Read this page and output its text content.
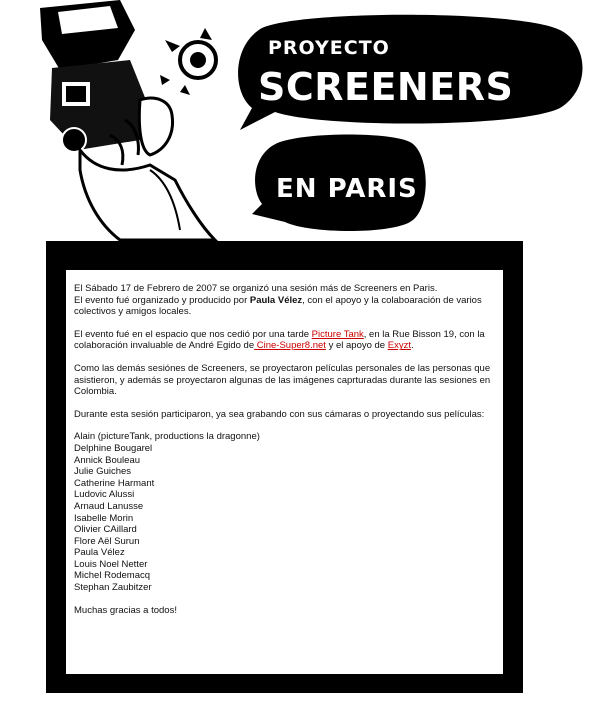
PROYECTO
SCREENERS
EN PARIS

El Sábado 17 de Febrero de 2007 se organizó una sesión más de Screeners en Paris.
El evento fué organizado y producido por Paula Vélez, con el apoyo y la colaboaración de varios colectivos y amigos locales.

El evento fué en el espacio que nos cedió por una tarde Picture Tank, en la Rue Bisson 19, con la colaboración invaluable de André Egido de Cine-Super8.net y el apoyo de Exyzt.

Como las demás sesiónes de Screeners, se proyectaron películas personales de las personas que asistieron, y además se proyectaron algunas de las imágenes caprturadas durante las sesiones en Colombia.

Durante esta sesión participaron, ya sea grabando con sus cámaras o proyectando sus películas:

Alain (pictureTank, productions la dragonne)
Delphine Bougarel
Annick Bouleau
Julie Guiches
Catherine Harmant
Ludovic Alussi
Arnaud Lanusse
Isabelle Morin
Olivier CAillard
Flore Aël Surun
Paula Vélez
Louis Noel Netter
Michel Rodemacq
Stephan Zaubitzer

Muchas gracias a todos!
